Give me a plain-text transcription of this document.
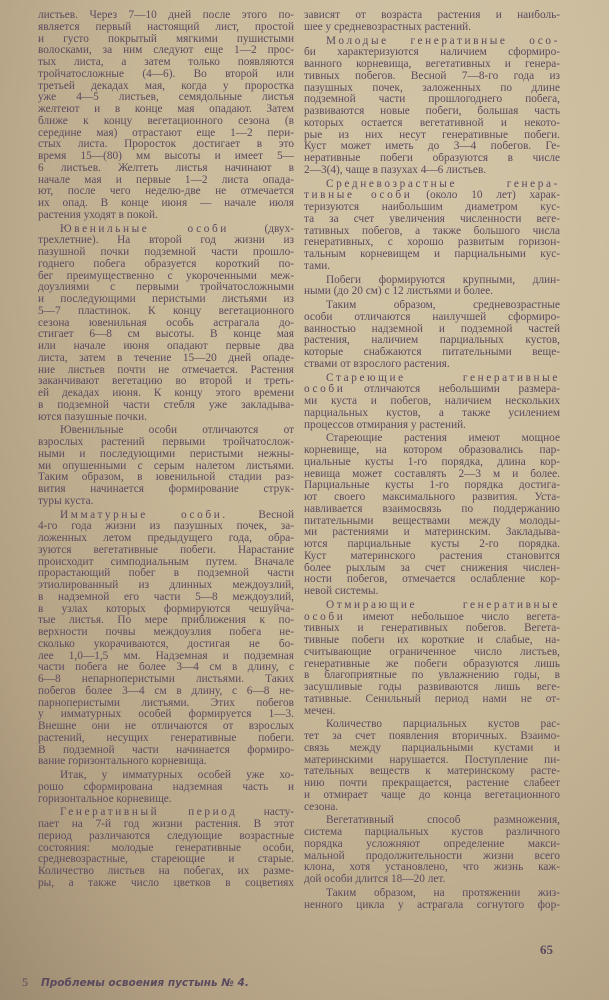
листьев. Через 7—10 дней после этого по-
является первый настоящий лист, простой
и густо покрытый мягкими пушистыми
волосками, за ним следуют еще 1—2 прос-
тых листа, а затем только появляются
тройчатосложные (4—6). Во второй или
третьей декадах мая, когда у проростка
уже 4—5 листьев, семядольные листья
желтеют и в конце мая опадают. Затем
ближе к концу вегетационного сезона (в
середине мая) отрастают еще 1—2 пери-
стых листа. Проросток достигает в это
время 15—(80) мм высоты и имеет 5—
6 листьев. Желтеть листья начинают в
начале мая и первые 1—2 листа опада-
ют, после чего неделю-две не отмечается
их опад. В конце июня — начале июля
растения уходят в покой.
Ювенильные особи	(двух-
трехлетние). На второй год жизни из
пазушной почки подземной части прошло-
годнего побега образуется короткий по-
бег преимущественно с укороченными меж-
доузлиями с первыми тройчатосложными
и последующими перистыми листьями из
5—7 пластинок. К концу вегетационного
сезона ювенильная особь астрагала до-
стигает 6—8 см высоты. В конце мая
или начале июня опадают первые два
листа, затем в течение 15—20 дней опаде-
ние листьев почти не отмечается. Растения
заканчивают вегетацию во второй и треть-
ей декадах июня. К концу этого времени
в подземной части стебля уже закладыва-
ются пазушные почки.
Ювенильные особи отличаются от
взрослых растений первыми тройчатослож-
ными и последующими перистыми нежны-
ми опушенными с серым налетом листьями.
Таким образом, в ювенильной стадии раз-
вития начинается формирование струк-
туры куста.
Имматурные особи.	Весной
4-го года жизни из пазушных почек, за-
ложенных летом предыдущего года, обра-
зуются вегетативные побеги. Нарастание
происходит симподиальным путем. Вначале
прорастающий побег в подземной части
этиолированный из длинных междоузлий,
в надземной его части 5—8 междоузлий,
в узлах которых формируются чешуйча-
тые листья. По мере приближения к по-
верхности почвы междоузлия побега не-
сколько укорачиваются, достигая не бо-
лее 1,0—1,5 мм. Надземная и подземная
части побега не более 3—4 см в длину, с
6—8 непарноперистыми листьями. Таких
побегов более 3—4 см в длину, с 6—8 не-
парноперистыми листьями. Этих побегов
у имматурных особей формируется 1—3.
Внешне они не отличаются от взрослых
растений, несущих генеративные побеги.
В подземной части начинается формиро-
вание горизонтального корневища.
Итак, у имматурных особей уже хо-
рошо сформирована надземная часть и
горизонтальное корневище.
Генеративный период насту-
пает на 7-й год жизни растения. В этот
период различаются следующие возрастные
состояния: молодые генеративные особи,
средневозрастные, стареющие и старые.
Количество листьев на побегах, их разме-
ры, а также число цветков в соцветиях
зависят от возраста растения и наиболь-
шее у средневозрастных растений.
Молодые генеративные осо-
би характеризуются наличием сформиро-
ванного корневища, вегетативных и генера-
тивных побегов. Весной 7—8-го года из
пазушных почек, заложенных по длине
подземной части прошлогоднего побега,
развиваются новые побеги, большая часть
которых остается вегетативной и некото-
рые из них несут генеративные побеги.
Куст может иметь до 3—4 побегов. Ге-
неративные побеги образуются в числе
2—3(4), чаще в пазухах 4—6 листьев.
Средневозрастные генера-
тивные особи (около 10 лет) харак-
теризуются наибольшим диаметром кус-
та за счет увеличения численности веге-
тативных побегов, а также большого числа
генеративных, с хорошо развитым горизон-
тальным корневищем и парциальными кус-
тами.
Побеги формируются крупными, длин-
ными (до 20 см) с 12 листьями и более.
Таким образом, средневозрастные
особи отличаются наилучшей сформиро-
ванностью надземной и подземной частей
растения, наличием парциальных кустов,
которые снабжаются питательными веще-
ствами от взрослого растения.
Стареющие генеративные
особи отличаются небольшими размера-
ми куста и побегов, наличием нескольких
парциальных кустов, а также усилением
процессов отмирания у растений.
Стареющие растения имеют мощное
корневище, на котором образовались пар-
циальные кусты 1-го порядка, длина кор-
невища может составлять 2—3 м и более.
Парциальные кусты 1-го порядка достига-
ют своего максимального развития. Уста-
навливается взаимосвязь по поддержанию
питательными веществами между молоды-
ми растениями и материнским. Закладыва-
ются парциальные кусты 2-го порядка.
Куст материнского растения становится
более рыхлым за счет снижения числен-
ности побегов, отмечается ослабление кор-
невой системы.
Отмирающие генеративные
особи имеют небольшое число вегета-
тивных и генеративных побегов. Вегета-
тивные побеги их короткие и слабые, на-
считывающие ограниченное число листьев,
генеративные же побеги образуются лишь
в благоприятные по увлажнению годы, в
засушливые годы развиваются лишь веге-
тативные. Сенильный период нами не от-
мечен.
Количество парциальных кустов рас-
тет за счет появления вторичных. Взаимо-
связь между парциальными кустами и
материнскими нарушается. Поступление пи-
тательных веществ к материнскому расте-
нию почти прекращается, растение слабеет
и отмирает чаще до конца вегетационного
сезона.
Вегетативный способ размножения,
система парциальных кустов различного
порядка усложняют определение макси-
мальной продолжительности жизни всего
клона, хотя установлено, что жизнь каж-
дой особи длится 18—20 лет.
Таким образом, на протяжении жиз-
ненного цикла у астрагала согнутого фор-
5 Проблемы освоения пустынь № 4.
65
